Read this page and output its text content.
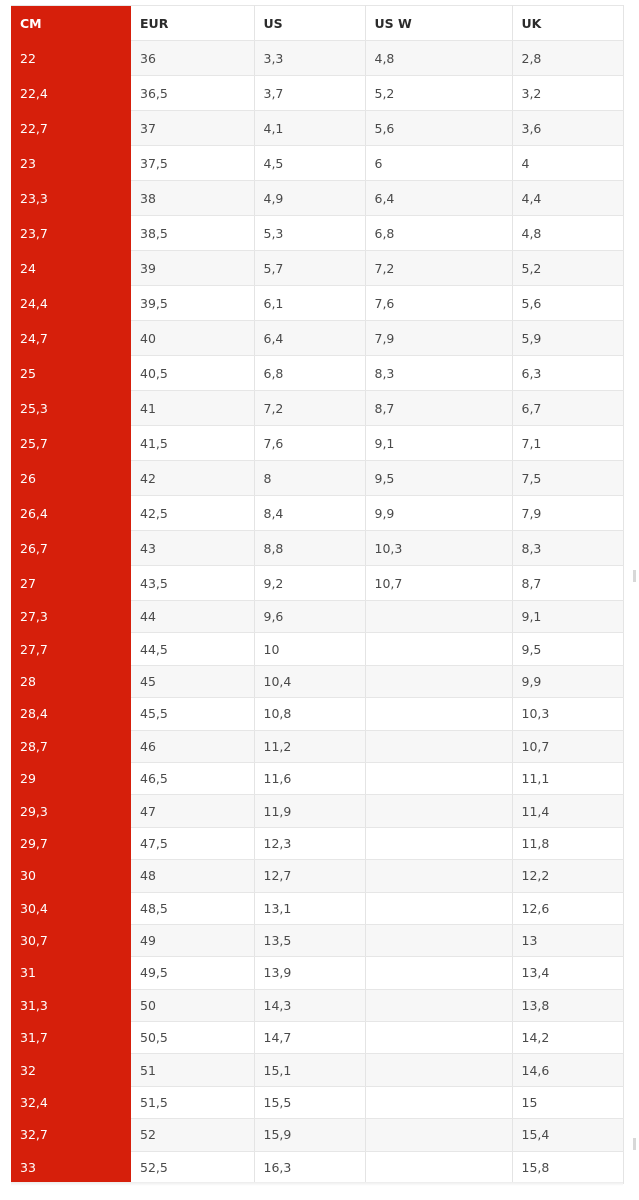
CM	EUR	US	US W	UK
22	36	3,3	4,8	2,8
22,4	36,5	3,7	5,2	3,2
22,7	37	4,1	5,6	3,6
23	37,5	4,5	6	4
23,3	38	4,9	6,4	4,4
23,7	38,5	5,3	6,8	4,8
24	39	5,7	7,2	5,2
24,4	39,5	6,1	7,6	5,6
24,7	40	6,4	7,9	5,9
25	40,5	6,8	8,3	6,3
25,3	41	7,2	8,7	6,7
25,7	41,5	7,6	9,1	7,1
26	42	8	9,5	7,5
26,4	42,5	8,4	9,9	7,9
26,7	43	8,8	10,3	8,3
27	43,5	9,2	10,7	8,7
27,3	44	9,6		9,1
27,7	44,5	10		9,5
28	45	10,4		9,9
28,4	45,5	10,8		10,3
28,7	46	11,2		10,7
29	46,5	11,6		11,1
29,3	47	11,9		11,4
29,7	47,5	12,3		11,8
30	48	12,7		12,2
30,4	48,5	13,1		12,6
30,7	49	13,5		13
31	49,5	13,9		13,4
31,3	50	14,3		13,8
31,7	50,5	14,7		14,2
32	51	15,1		14,6
32,4	51,5	15,5		15
32,7	52	15,9		15,4
33	52,5	16,3		15,8
